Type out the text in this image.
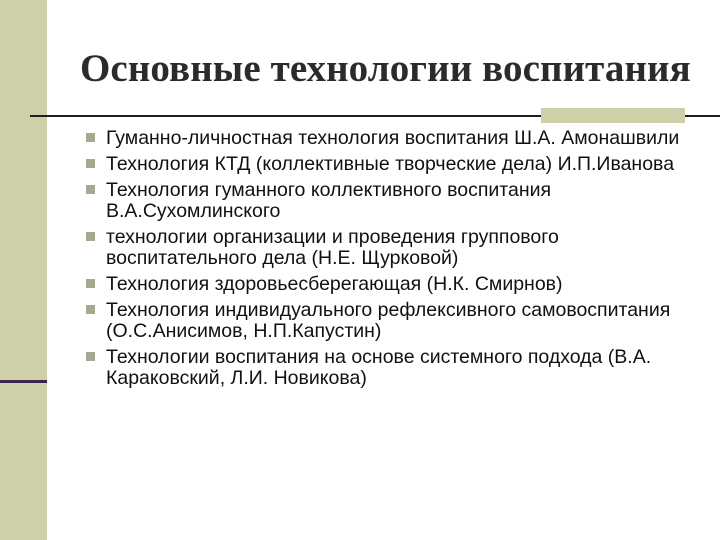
Основные технологии воспитания
Гуманно-личностная технология воспитания Ш.А. Амонашвили
Технология КТД (коллективные творческие дела) И.П.Иванова
Технология гуманного коллективного воспитания В.А.Сухомлинского
технологии организации и проведения группового воспитательного дела (Н.Е. Щурковой)
Технология здоровьесберегающая (Н.К. Смирнов)
Технология индивидуального рефлексивного самовоспитания (О.С.Анисимов, Н.П.Капустин)
Технологии воспитания на основе системного подхода (В.А. Караковский, Л.И. Новикова)
